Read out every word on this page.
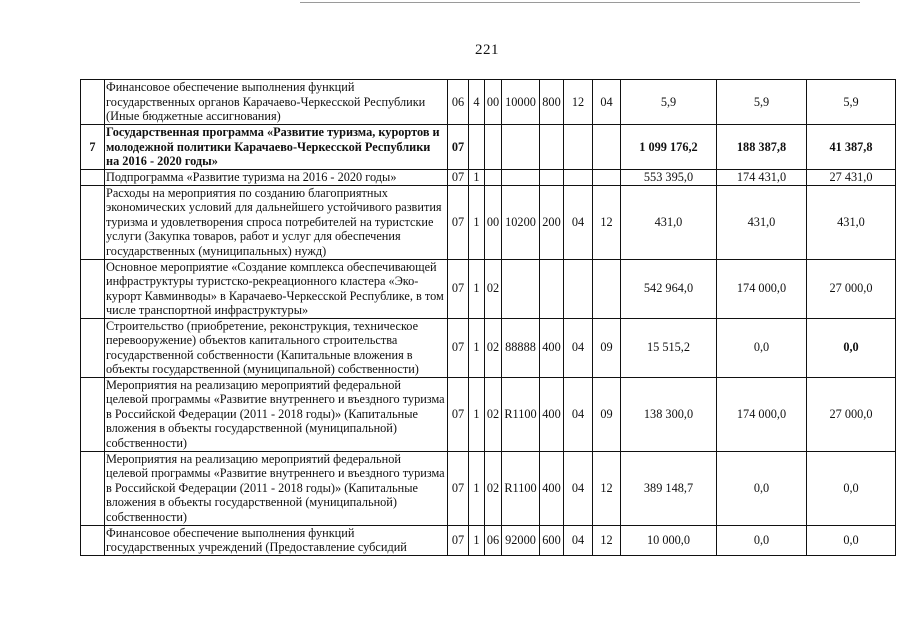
221
	Финансовое обеспечение выполнения функций государственных органов Карачаево-Черкесской Республики (Иные бюджетные ассигнования)	06	4	00	10000	800	12	04	5,9	5,9	5,9
7	Государственная программа «Развитие туризма, курортов и молодежной политики Карачаево-Черкесской Республики на 2016 - 2020 годы»	07							1 099 176,2	188 387,8	41 387,8
	Подпрограмма «Развитие туризма на 2016 - 2020 годы»	07	1						553 395,0	174 431,0	27 431,0
	Расходы на мероприятия по созданию благоприятных экономических условий для дальнейшего устойчивого развития туризма и удовлетворения спроса потребителей на туристские услуги (Закупка товаров, работ и услуг для обеспечения государственных (муниципальных) нужд)	07	1	00	10200	200	04	12	431,0	431,0	431,0
	Основное мероприятие «Создание комплекса обеспечивающей инфраструктуры туристско-рекреационного кластера «Эко-курорт Кавминводы» в Карачаево-Черкесской Республике, в том числе транспортной инфраструктуры»	07	1	02					542 964,0	174 000,0	27 000,0
	Строительство (приобретение, реконструкция, техническое перевооружение) объектов капитального строительства государственной собственности (Капитальные вложения в объекты государственной (муниципальной) собственности)	07	1	02	88888	400	04	09	15 515,2	0,0	0,0
	Мероприятия на реализацию мероприятий федеральной целевой программы «Развитие внутреннего и въездного туризма в Российской Федерации (2011 - 2018 годы)» (Капитальные вложения в объекты государственной (муниципальной) собственности)	07	1	02	R1100	400	04	09	138 300,0	174 000,0	27 000,0
	Мероприятия на реализацию мероприятий федеральной целевой программы «Развитие внутреннего и въездного туризма в Российской Федерации (2011 - 2018 годы)» (Капитальные вложения в объекты государственной (муниципальной) собственности)	07	1	02	R1100	400	04	12	389 148,7	0,0	0,0
	Финансовое обеспечение выполнения функций государственных учреждений (Предоставление субсидий	07	1	06	92000	600	04	12	10 000,0	0,0	0,0
